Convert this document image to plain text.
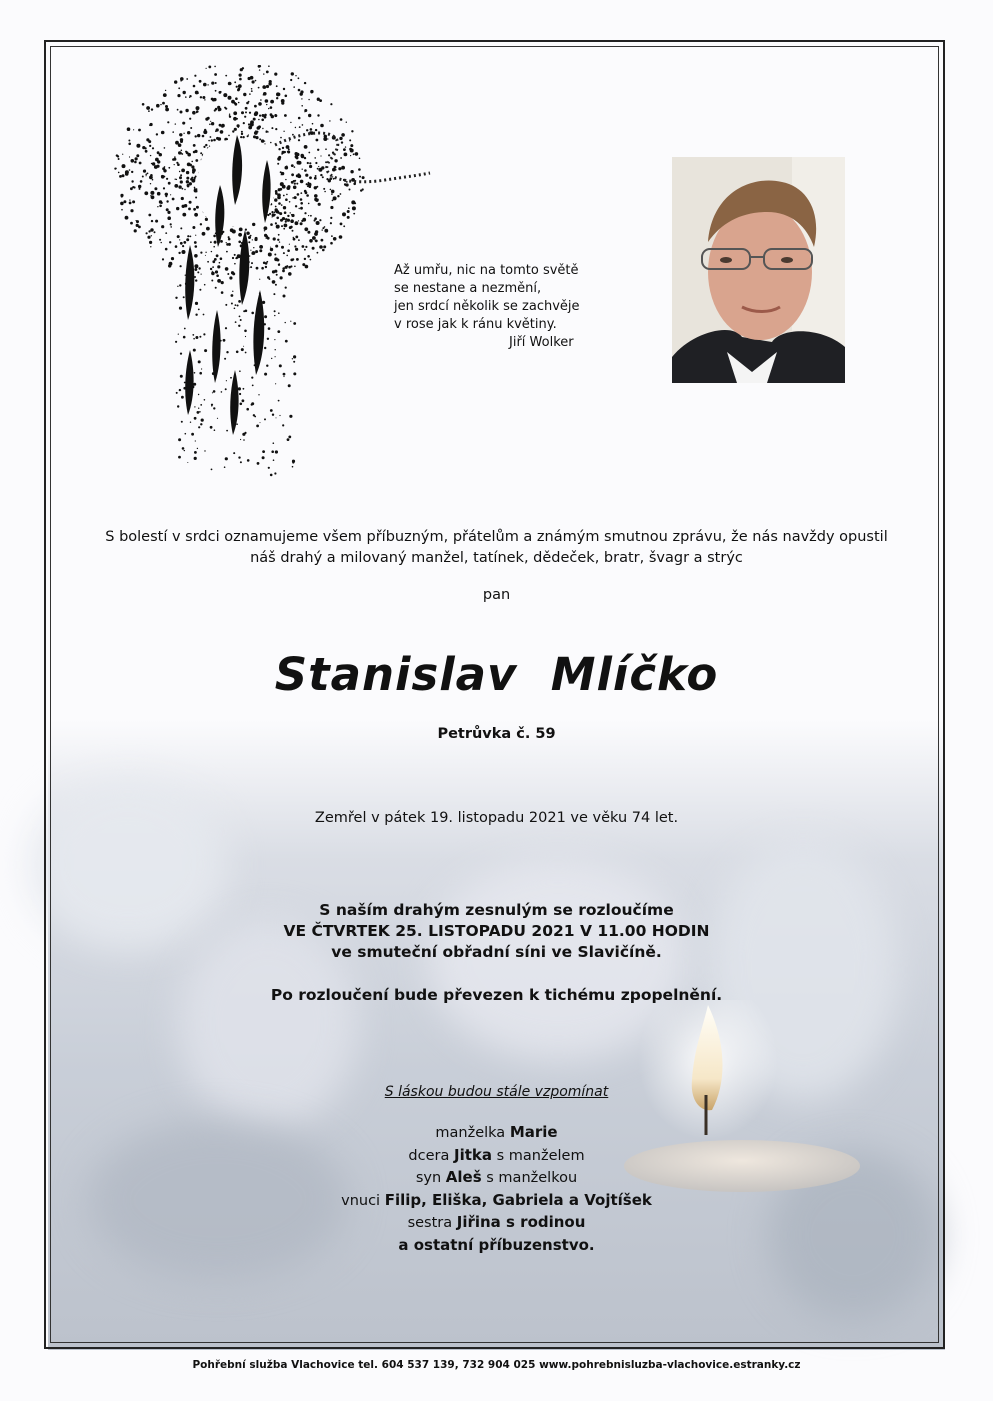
Až umřu, nic na tomto světě
se nestane a nezmění,
jen srdcí několik se zachvěje
v rose jak k ránu květiny.
Jiří Wolker
S bolestí v srdci oznamujeme všem příbuzným, přátelům a známým smutnou zprávu, že nás navždy opustil
náš drahý a milovaný manžel, tatínek, dědeček, bratr, švagr a strýc
pan
Stanislav  Mlíčko
Petrůvka č. 59
Zemřel v pátek 19. listopadu 2021 ve věku 74 let.
S naším drahým zesnulým se rozloučíme
VE ČTVRTEK 25. LISTOPADU 2021 V 11.00 HODIN
ve smuteční obřadní síni ve Slavičíně.
Po rozloučení bude převezen k tichému zpopelnění.
S láskou budou stále vzpomínat
manželka Marie
dcera Jitka s manželem
syn Aleš s manželkou
vnuci Filip, Eliška, Gabriela a Vojtíšek
sestra Jiřina s rodinou
a ostatní příbuzenstvo.
Pohřební služba Vlachovice tel. 604 537 139, 732 904 025 www.pohrebnisluzba-vlachovice.estranky.cz
